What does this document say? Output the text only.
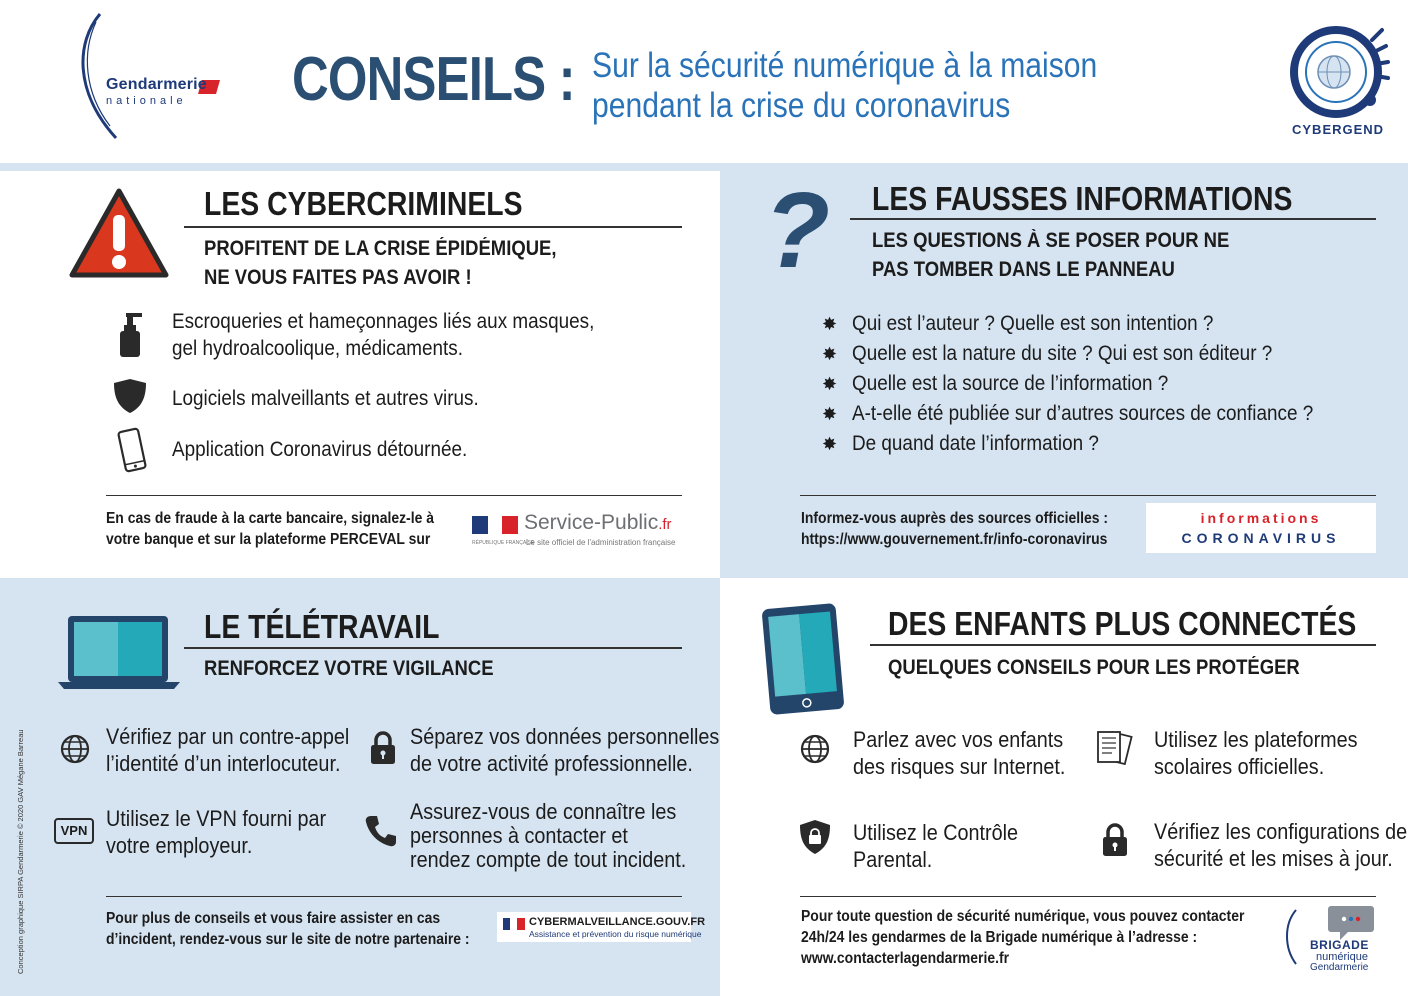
Gendarmerie
nationale CONSEILS : Sur la sécurité numérique à la maison
pendant la crise du coronavirus
CYBERGEND
LES CYBERCRIMINELS
PROFITENT DE LA CRISE ÉPIDÉMIQUE,
NE VOUS FAITES PAS AVOIR !
Escroqueries et hameçonnages liés aux masques,
gel hydroalcoolique, médicaments.
Logiciels malveillants et autres virus.
Application Coronavirus détournée.
En cas de fraude à la carte bancaire, signalez-le à
votre banque et sur la plateforme PERCEVAL sur
Service-Public.fr
Le site officiel de l'administration française
RÉPUBLIQUE FRANÇAISE
? LES FAUSSES INFORMATIONS
LES QUESTIONS À SE POSER POUR NE
PAS TOMBER DANS LE PANNEAU
✸ Qui est l’auteur ? Quelle est son intention ?
✸ Quelle est la nature du site ? Qui est son éditeur ?
✸ Quelle est la source de l’information ?
✸ A-t-elle été publiée sur d’autres sources de confiance ?
✸ De quand date l’information ?
Informez-vous auprès des sources officielles :
https://www.gouvernement.fr/info-coronavirus
informations
CORONAVIRUS
LE TÉLÉTRAVAIL
RENFORCEZ VOTRE VIGILANCE
Vérifiez par un contre-appel
l’identité d’un interlocuteur.
Séparez vos données personnelles
de votre activité professionnelle.
VPN Utilisez le VPN fourni par
votre employeur.
Assurez-vous de connaître les
personnes à contacter et
rendez compte de tout incident.
Pour plus de conseils et vous faire assister en cas
d’incident, rendez-vous sur le site de notre partenaire :
CYBERMALVEILLANCE.GOUV.FR
Assistance et prévention du risque numérique
Conception graphique SIRPA Gendarmerie © 2020 GAV Mégane Barreau
DES ENFANTS PLUS CONNECTÉS
QUELQUES CONSEILS POUR LES PROTÉGER
Parlez avec vos enfants
des risques sur Internet.
Utilisez les plateformes
scolaires officielles.
Utilisez le Contrôle
Parental.
Vérifiez les configurations de
sécurité et les mises à jour.
Pour toute question de sécurité numérique, vous pouvez contacter
24h/24 les gendarmes de la Brigade numérique à l’adresse :
www.contacterlagendarmerie.fr
BRIGADE
numérique
Gendarmerie
